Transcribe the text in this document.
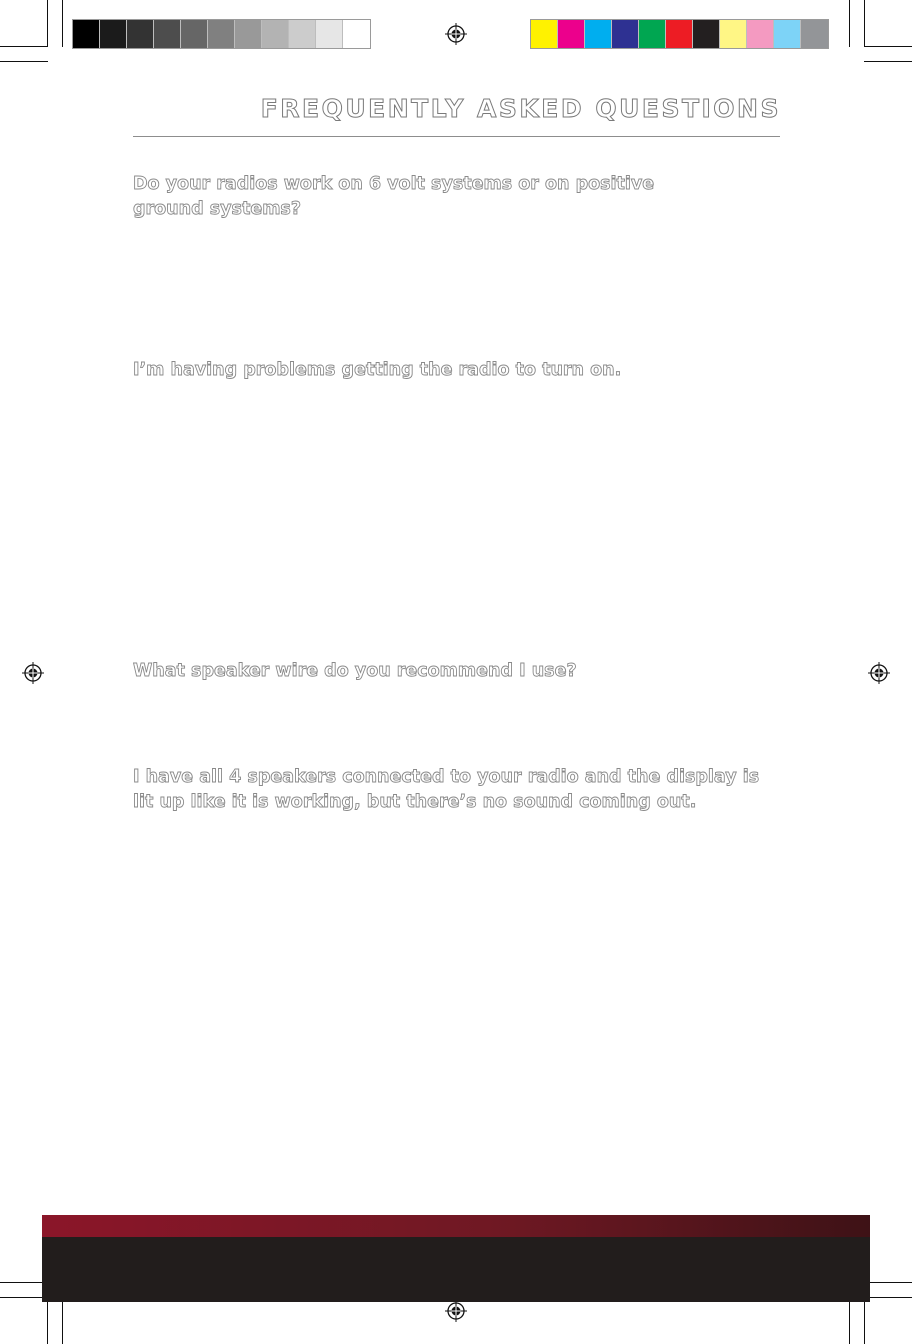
FREQUENTLY ASKED QUESTIONS
Do your radios work on 6 volt systems or on positive ground systems?
I’m having problems getting the radio to turn on.
What speaker wire do you recommend I use?
I have all 4 speakers connected to your radio and the display is lit up like it is working, but there’s no sound coming out.
